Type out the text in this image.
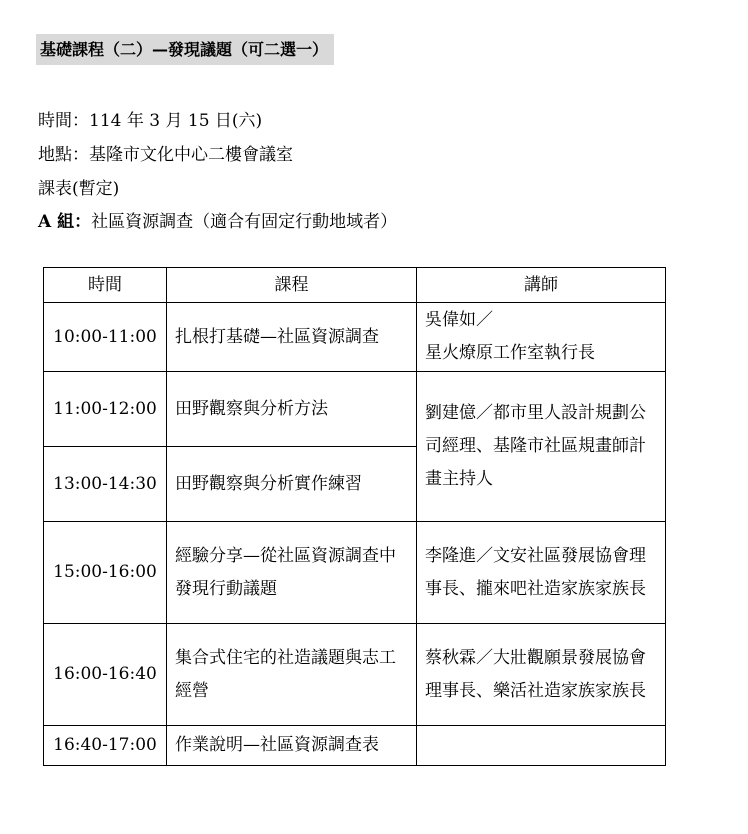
基礎課程（二）—發現議題（可二選一）
時間：114 年 3 月 15 日(六)
地點：基隆市文化中心二樓會議室
課表(暫定)
A 組：社區資源調查（適合有固定行動地域者）
時間	課程	講師
10:00-11:00	扎根打基礎—社區資源調查	吳偉如／
星火燎原工作室執行長
11:00-12:00	田野觀察與分析方法	劉建億／都市里人設計規劃公司經理、基隆市社區規畫師計畫主持人
13:00-14:30	田野觀察與分析實作練習	
15:00-16:00	經驗分享—從社區資源調查中發現行動議題	李隆進／文安社區發展協會理事長、攏來吧社造家族家族長
16:00-16:40	集合式住宅的社造議題與志工經營	蔡秋霖／大壯觀願景發展協會理事長、樂活社造家族家族長
16:40-17:00	作業說明—社區資源調查表	
